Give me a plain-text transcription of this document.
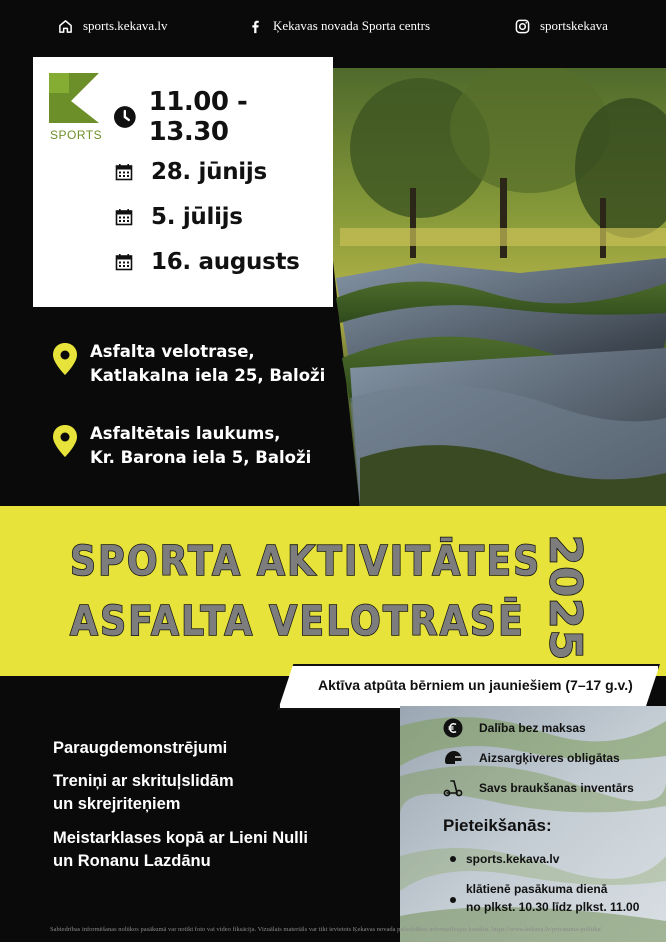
sports.kekava.lv	Ķekavas novada Sporta centrs	sportskekava
SPORTS
11.00 - 13.30
28. jūnijs
5. jūlijs
16. augusts
Asfalta velotrase,
Katlakalna iela 25, Baloži
Asfaltētais laukums,
Kr. Barona iela 5, Baloži
SPORTA AKTIVITĀTES
ASFALTA VELOTRASĒ 2025
Aktīva atpūta bērniem un jauniešiem (7–17 g.v.)
Paraugdemonstrējumi
Treniņi ar skrituļslidām
un skrejriteņiem
Meistarklases kopā ar Lieni Nulli
un Ronanu Lazdānu
Dalība bez maksas
Aizsargķiveres obligātas
Savs braukšanas inventārs
Pieteikšanās:
sports.kekava.lv
klātienē pasākuma dienā
no plkst. 10.30 līdz plkst. 11.00
Sabiedrības informēšanas nolūkos pasākumā var notikt foto vai video fiksācija. Vizuālais materiāls var tikt ievietots Ķekavas novada pašvaldības informatīvajos kanālos. https://www.kekava.lv/privatuma-politika/
